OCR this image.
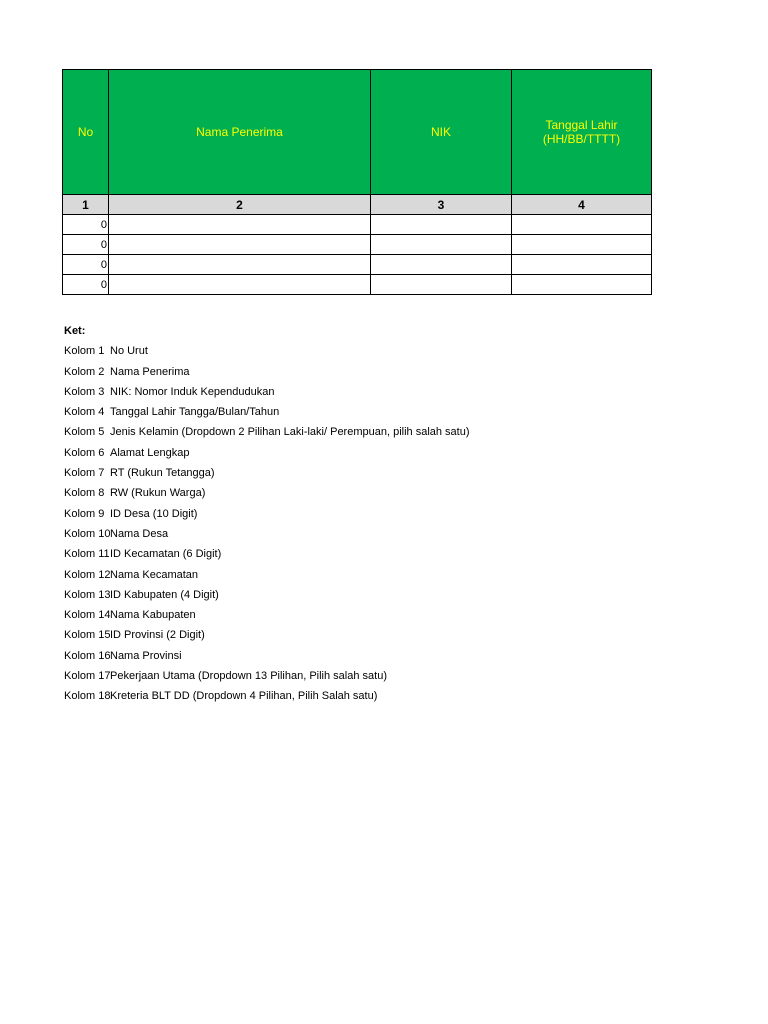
No	Nama Penerima	NIK	Tanggal Lahir
(HH/BB/TTTT)
1	2	3	4
0			
0			
0			
0			
Ket:
Kolom 1 No Urut
Kolom 2 Nama Penerima
Kolom 3 NIK: Nomor Induk Kependudukan
Kolom 4 Tanggal Lahir Tangga/Bulan/Tahun
Kolom 5 Jenis Kelamin (Dropdown 2 Pilihan Laki-laki/ Perempuan, pilih salah satu)
Kolom 6 Alamat Lengkap
Kolom 7 RT (Rukun Tetangga)
Kolom 8 RW (Rukun Warga)
Kolom 9 ID Desa (10 Digit)
Kolom 10Nama Desa
Kolom 11ID Kecamatan (6 Digit)
Kolom 12Nama Kecamatan
Kolom 13ID Kabupaten (4 Digit)
Kolom 14Nama Kabupaten
Kolom 15ID Provinsi (2 Digit)
Kolom 16Nama Provinsi
Kolom 17Pekerjaan Utama (Dropdown 13 Pilihan, Pilih salah satu)
Kolom 18Kreteria BLT DD (Dropdown 4 Pilihan, Pilih Salah satu)
